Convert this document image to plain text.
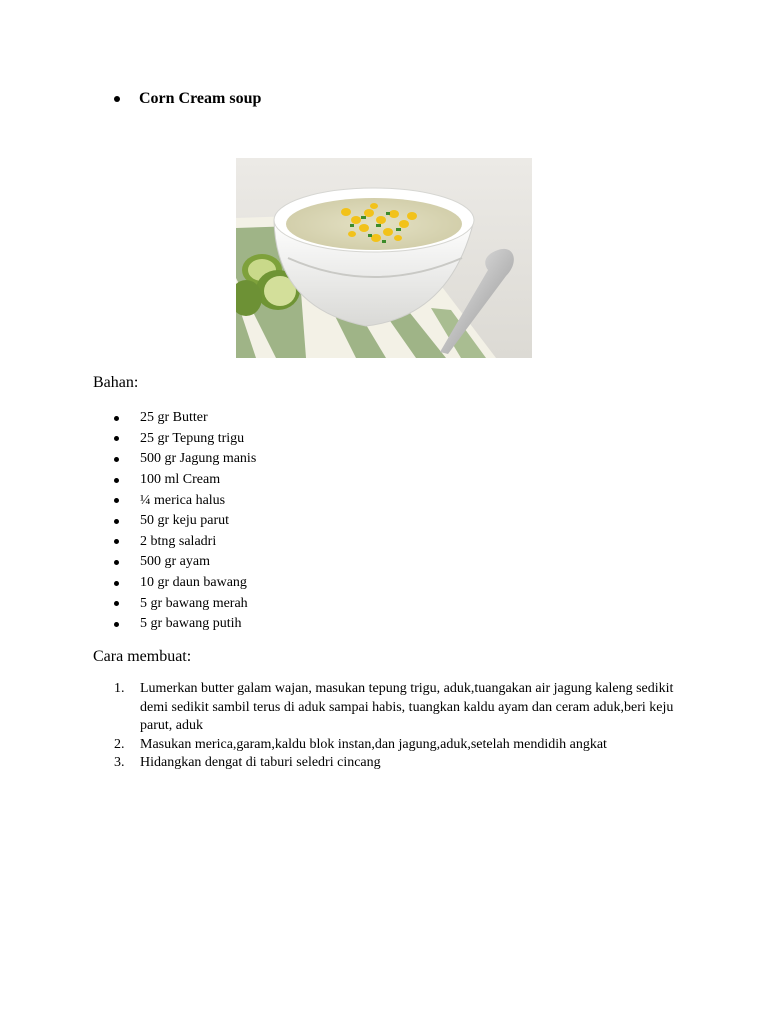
Corn Cream soup
Bahan:
25 gr Butter
25 gr Tepung trigu
500 gr Jagung manis
100 ml Cream
¼ merica halus
50 gr keju parut
2 btng saladri
500 gr ayam
10 gr daun bawang
5 gr bawang merah
5 gr bawang putih
Cara membuat:
1.	Lumerkan butter galam wajan, masukan tepung trigu, aduk,tuangakan air jagung kaleng sedikit demi sedikit sambil terus di aduk sampai habis, tuangkan kaldu ayam dan ceram aduk,beri keju parut, aduk
2.	Masukan merica,garam,kaldu blok instan,dan jagung,aduk,setelah mendidih angkat
3.	Hidangkan dengat di taburi seledri cincang
